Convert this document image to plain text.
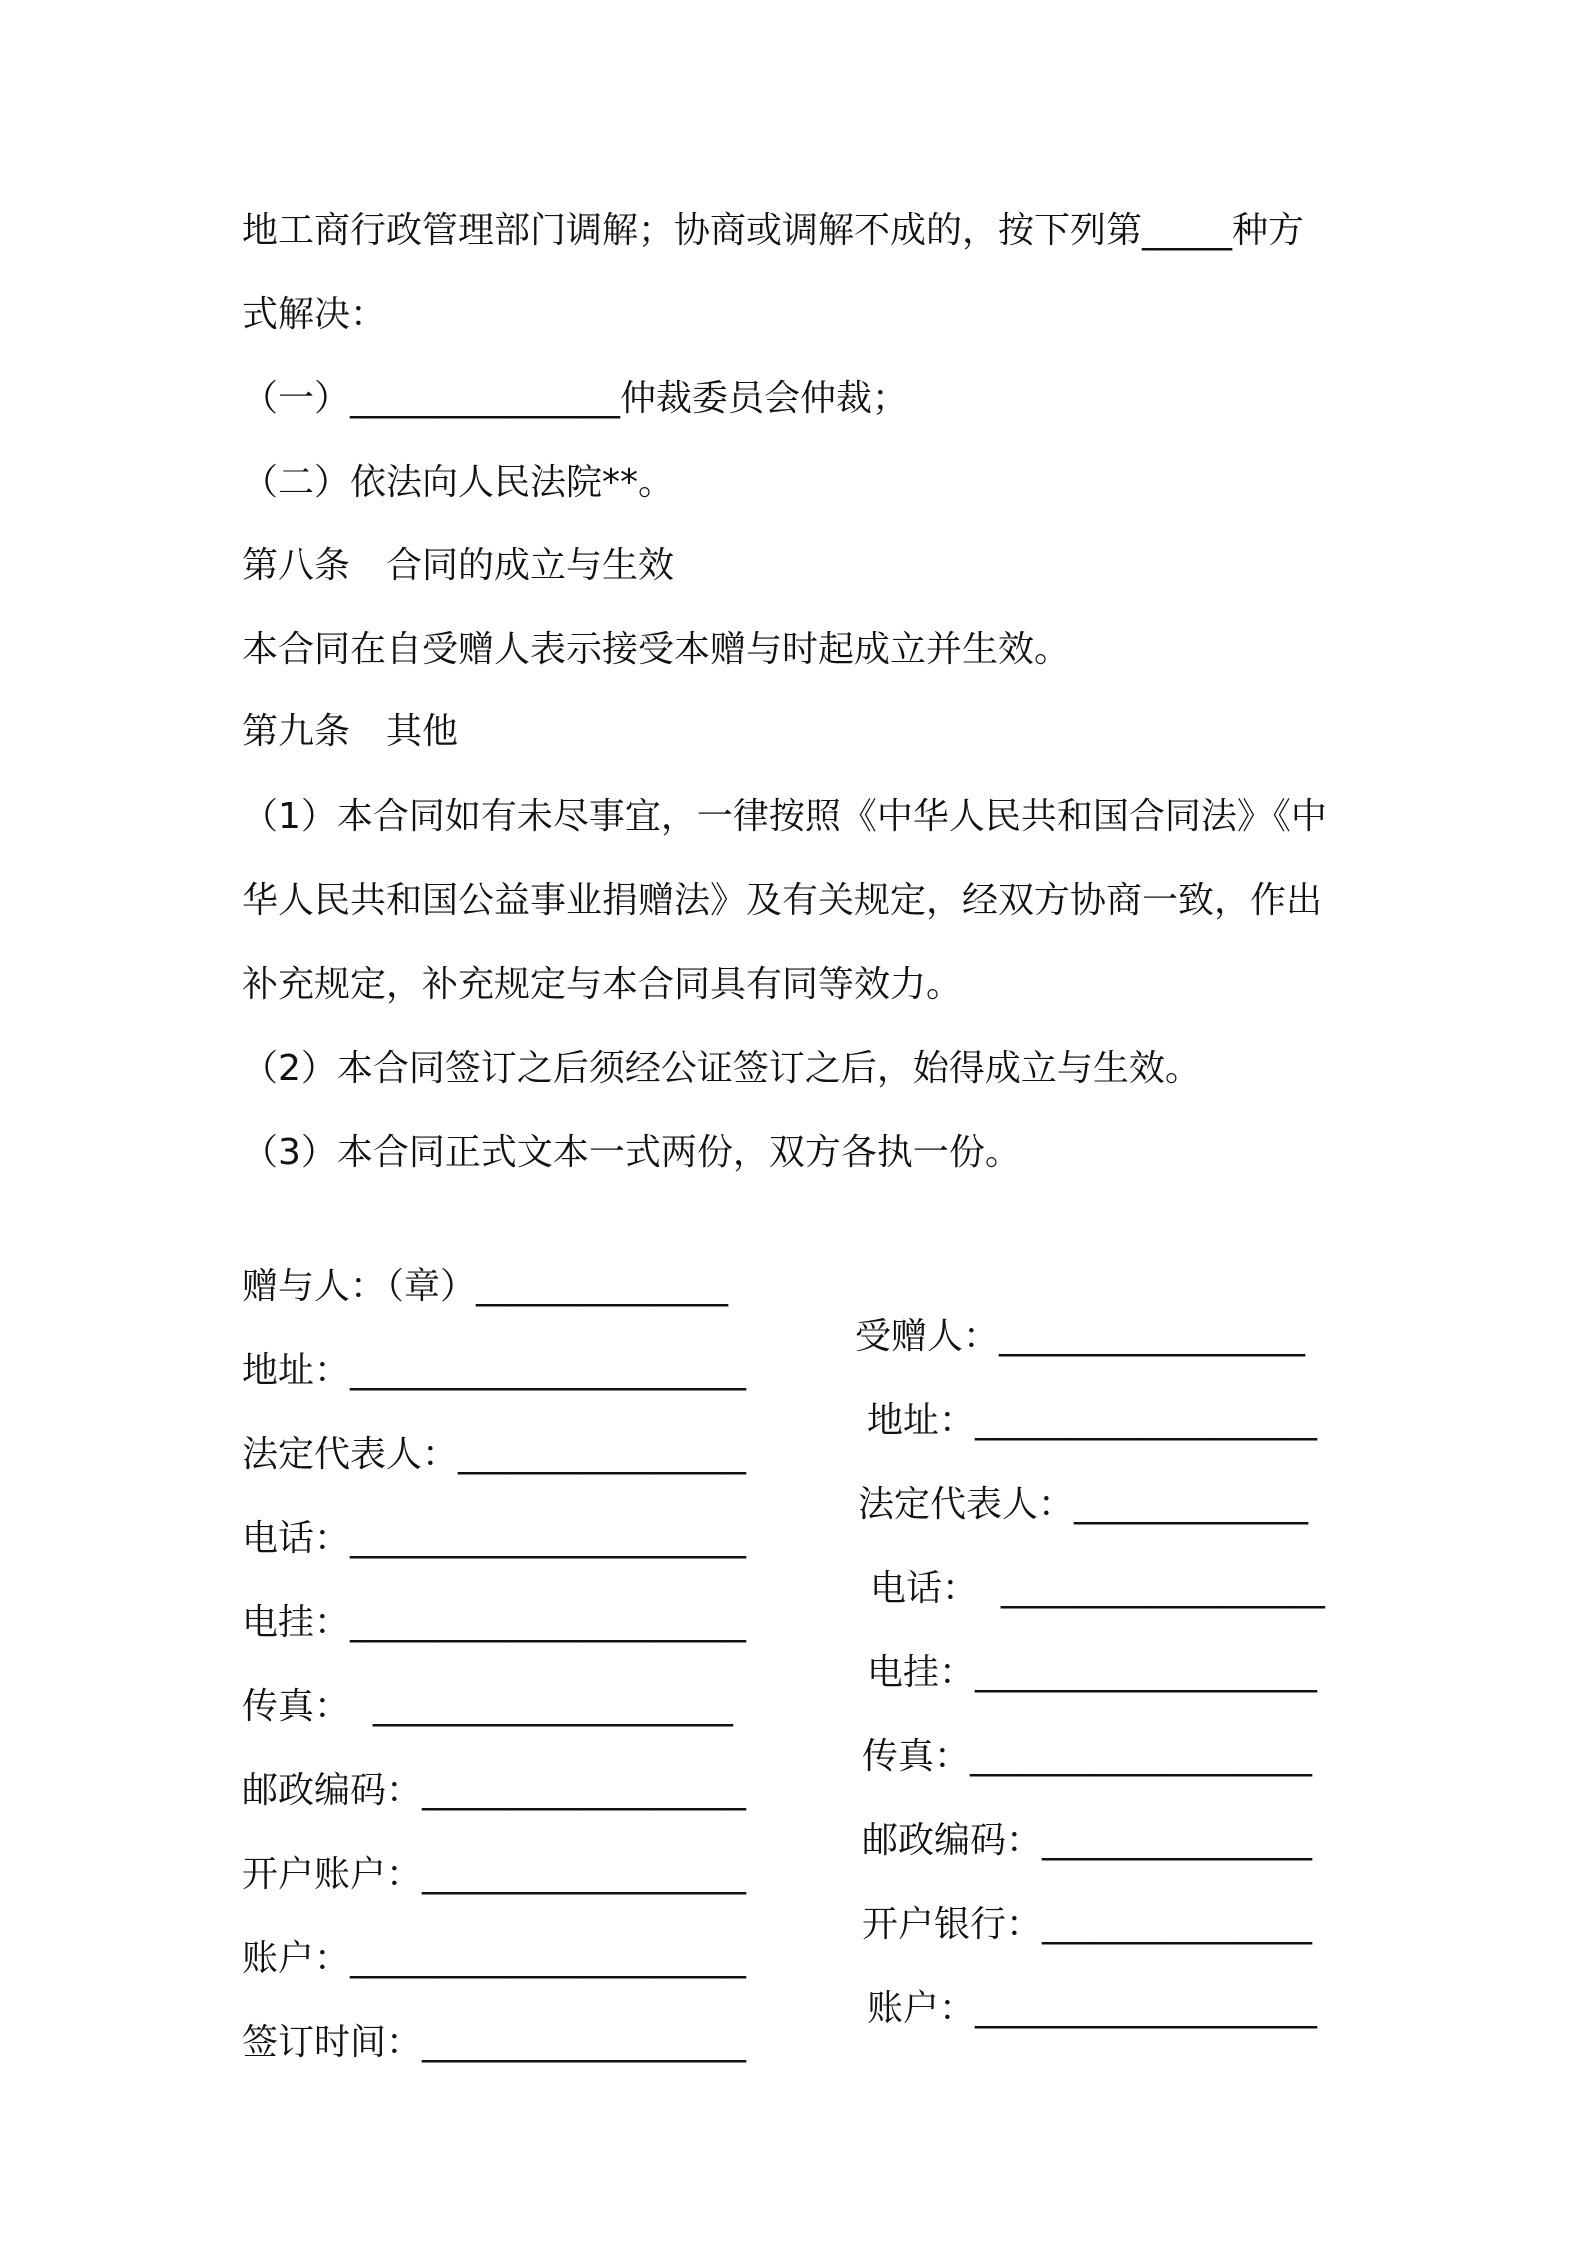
地工商行政管理部门调解；协商或调解不成的，按下列第_____种方
式解决：
（一）_______________仲裁委员会仲裁；
（二）依法向人民法院**。
第八条　合同的成立与生效
本合同在自受赠人表示接受本赠与时起成立并生效。
第九条　其他
（1）本合同如有未尽事宜，一律按照《中华人民共和国合同法》《中
华人民共和国公益事业捐赠法》及有关规定，经双方协商一致，作出
补充规定，补充规定与本合同具有同等效力。
（2）本合同签订之后须经公证签订之后，始得成立与生效。
（3）本合同正式文本一式两份，双方各执一份。

赠与人：（章）______________

受赠人：_________________

地址：______________________

地址：___________________

法定代表人：________________

法定代表人：_____________

电话：______________________

电话：  __________________

电挂：______________________

电挂：___________________

传真：  ____________________

传真：___________________

邮政编码：__________________

邮政编码：_______________

开户账户：__________________

开户银行：_______________

账户：______________________

账户：___________________

签订时间：__________________
